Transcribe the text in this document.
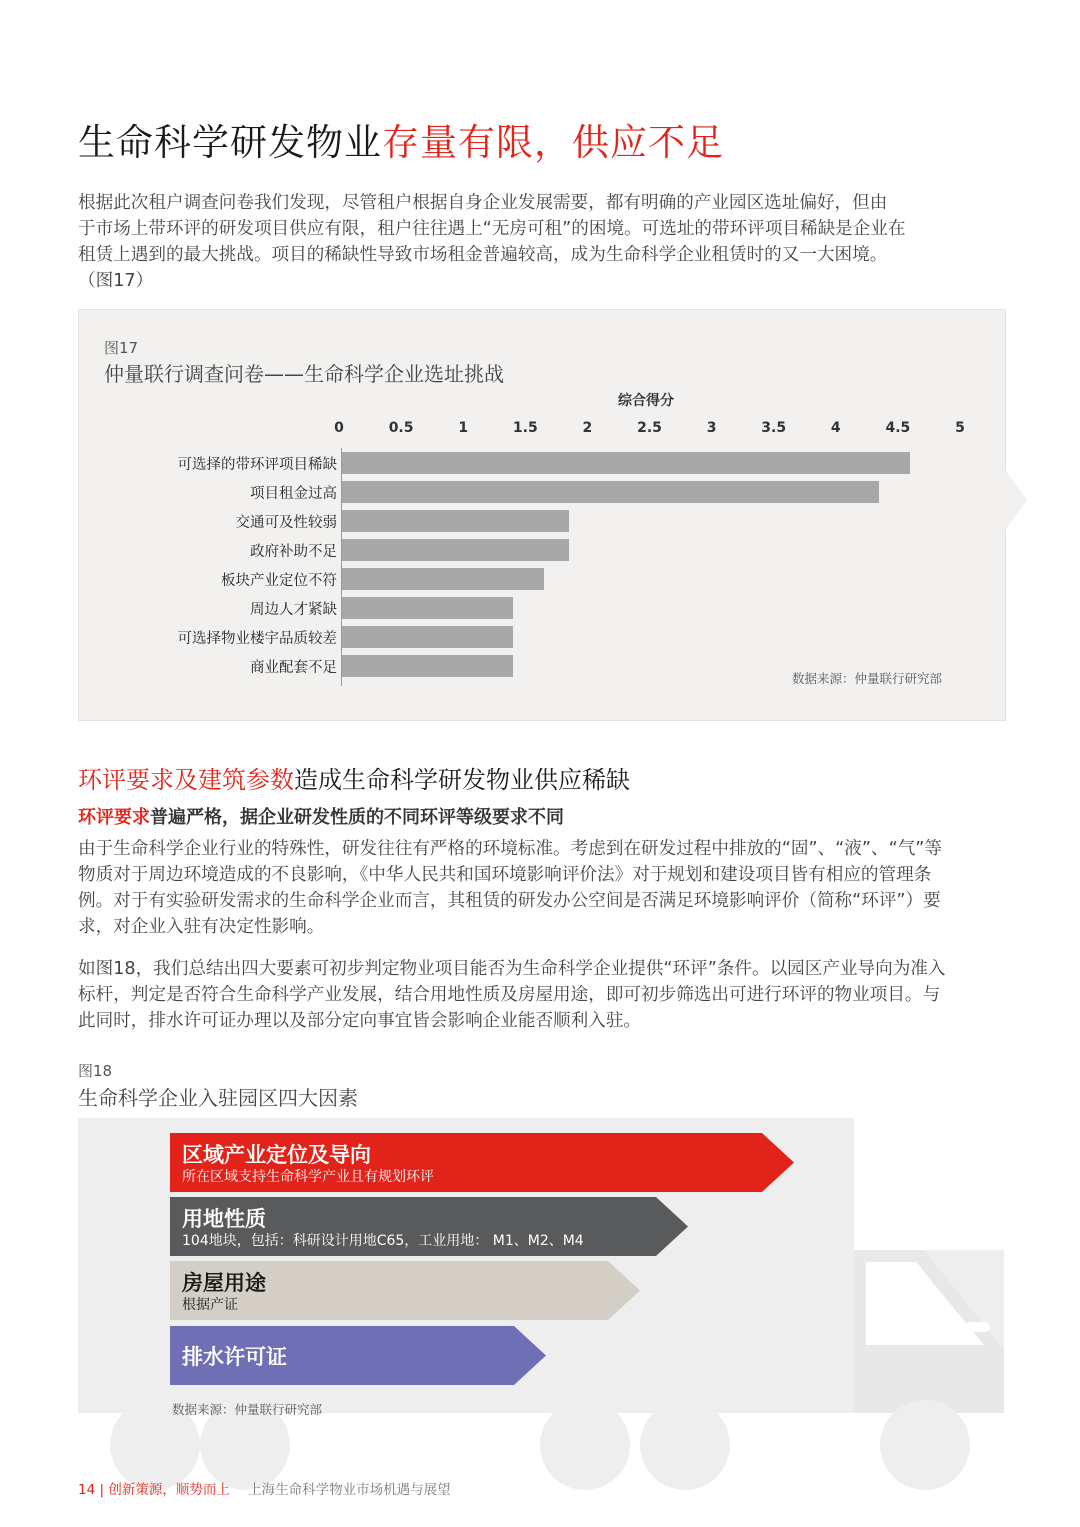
生命科学研发物业存量有限，供应不足
根据此次租户调查问卷我们发现，尽管租户根据自身企业发展需要，都有明确的产业园区选址偏好，但由
于市场上带环评的研发项目供应有限，租户往往遇上“无房可租”的困境。可选址的带环评项目稀缺是企业在
租赁上遇到的最大挑战。项目的稀缺性导致市场租金普遍较高，成为生命科学企业租赁时的又一大困境。
（图17）
图17
仲量联行调查问卷——生命科学企业选址挑战
综合得分
0	0.5	1	1.5	2	2.5	3	3.5	4	4.5	5
可选择的带环评项目稀缺
项目租金过高
交通可及性较弱
政府补助不足
板块产业定位不符
周边人才紧缺
可选择物业楼宇品质较差
商业配套不足
数据来源：仲量联行研究部
环评要求及建筑参数造成生命科学研发物业供应稀缺
环评要求普遍严格，据企业研发性质的不同环评等级要求不同
由于生命科学企业行业的特殊性，研发往往有严格的环境标准。考虑到在研发过程中排放的“固”、“液”、“气”等
物质对于周边环境造成的不良影响，《中华人民共和国环境影响评价法》对于规划和建设项目皆有相应的管理条
例。对于有实验研发需求的生命科学企业而言，其租赁的研发办公空间是否满足环境影响评价（简称“环评”）要
求，对企业入驻有决定性影响。
如图18，我们总结出四大要素可初步判定物业项目能否为生命科学企业提供“环评”条件。以园区产业导向为准入
标杆，判定是否符合生命科学产业发展，结合用地性质及房屋用途，即可初步筛选出可进行环评的物业项目。与
此同时，排水许可证办理以及部分定向事宜皆会影响企业能否顺利入驻。
图18
生命科学企业入驻园区四大因素
区域产业定位及导向
所在区域支持生命科学产业且有规划环评
用地性质
104地块，包括：科研设计用地C65，工业用地： M1、M2、M4
房屋用途
根据产证
排水许可证
数据来源：仲量联行研究部
14 | 创新策源，顺势而上 上海生命科学物业市场机遇与展望
